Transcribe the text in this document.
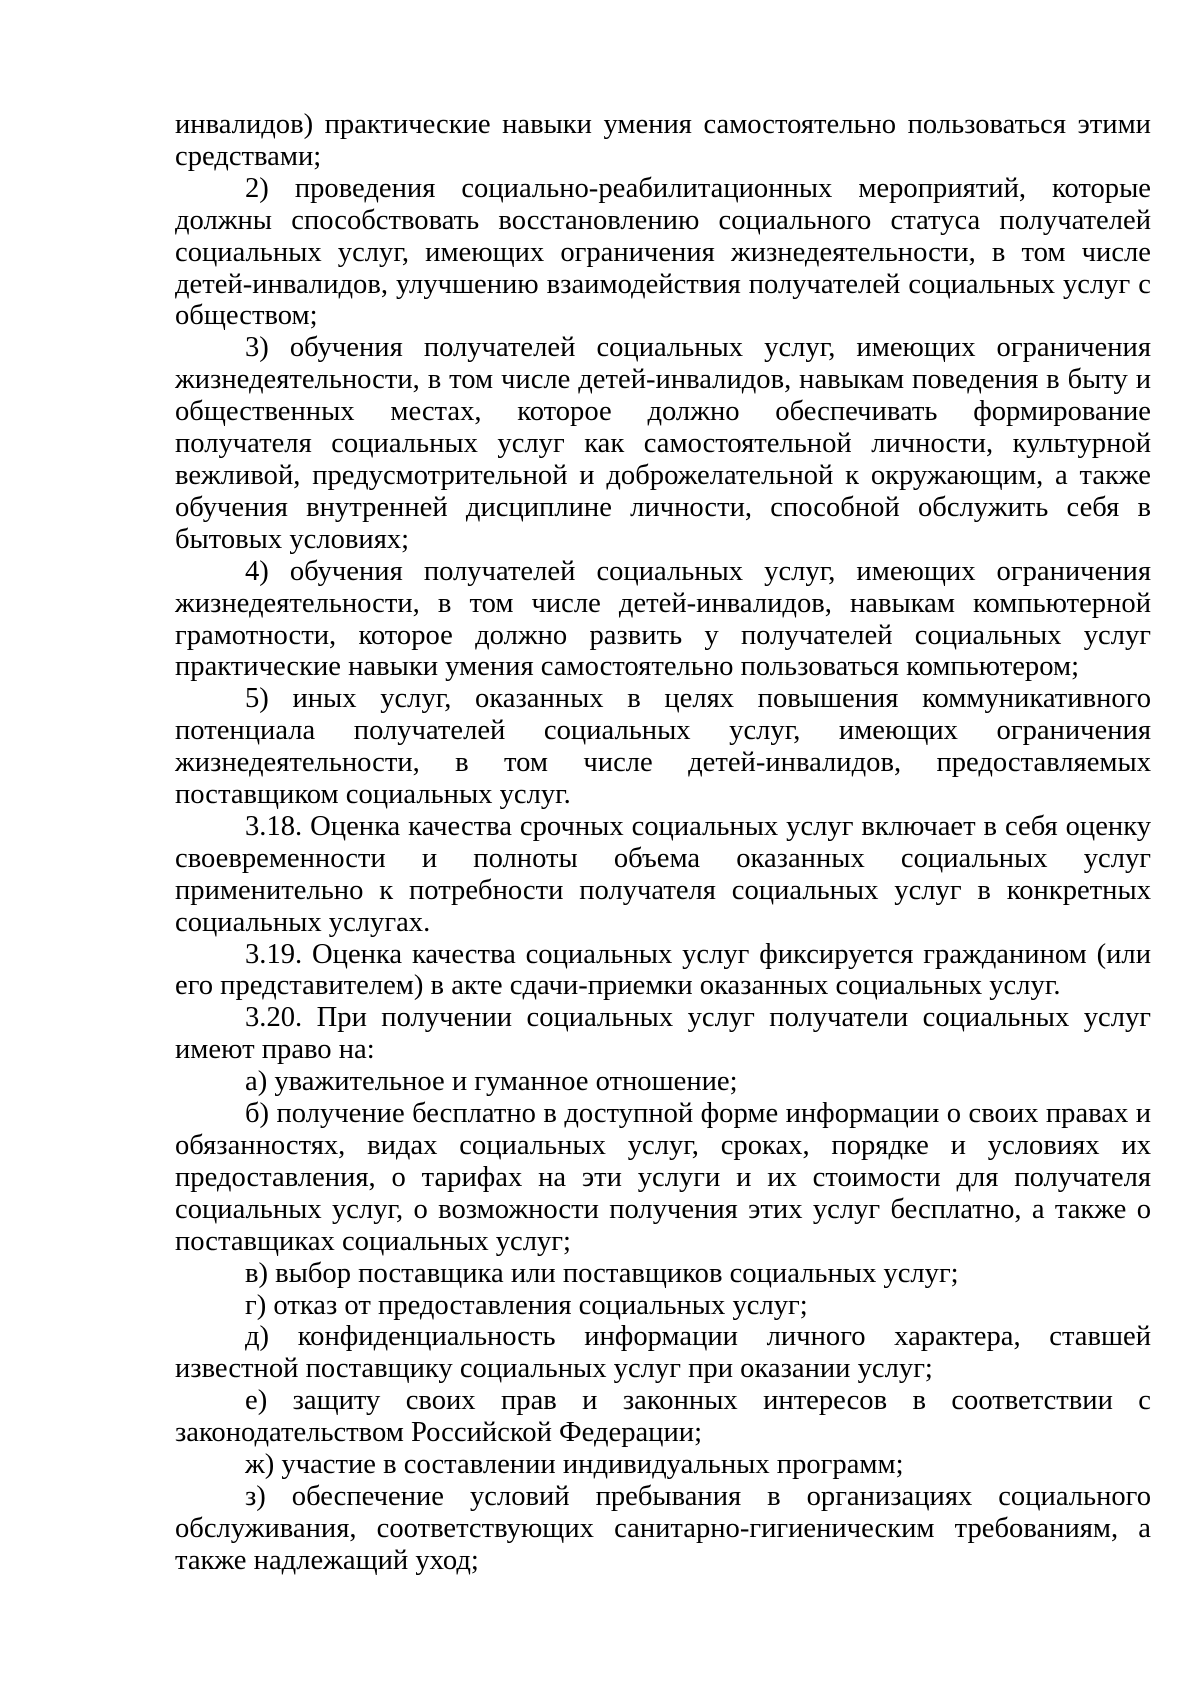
инвалидов) практические навыки умения самостоятельно пользоваться этими средствами;

2) проведения социально-реабилитационных мероприятий, которые должны способствовать восстановлению социального статуса получателей социальных услуг, имеющих ограничения жизнедеятельности, в том числе детей-инвалидов, улучшению взаимодействия получателей социальных услуг с обществом;

3) обучения получателей социальных услуг, имеющих ограничения жизнедеятельности, в том числе детей-инвалидов, навыкам поведения в быту и общественных местах, которое должно обеспечивать формирование получателя социальных услуг как самостоятельной личности, культурной вежливой, предусмотрительной и доброжелательной к окружающим, а также обучения внутренней дисциплине личности, способной обслужить себя в бытовых условиях;

4) обучения получателей социальных услуг, имеющих ограничения жизнедеятельности, в том числе детей-инвалидов, навыкам компьютерной грамотности, которое должно развить у получателей социальных услуг практические навыки умения самостоятельно пользоваться компьютером;

5) иных услуг, оказанных в целях повышения коммуникативного потенциала получателей социальных услуг, имеющих ограничения жизнедеятельности, в том числе детей-инвалидов, предоставляемых поставщиком социальных услуг.

3.18. Оценка качества срочных социальных услуг включает в себя оценку своевременности и полноты объема оказанных социальных услуг применительно к потребности получателя социальных услуг в конкретных социальных услугах.

3.19. Оценка качества социальных услуг фиксируется гражданином (или его представителем) в акте сдачи-приемки оказанных социальных услуг.

3.20. При получении социальных услуг получатели социальных услуг имеют право на:

а) уважительное и гуманное отношение;

б) получение бесплатно в доступной форме информации о своих правах и обязанностях, видах социальных услуг, сроках, порядке и условиях их предоставления, о тарифах на эти услуги и их стоимости для получателя социальных услуг, о возможности получения этих услуг бесплатно, а также о поставщиках социальных услуг;

в) выбор поставщика или поставщиков социальных услуг;

г) отказ от предоставления социальных услуг;

д) конфиденциальность информации личного характера, ставшей известной поставщику социальных услуг при оказании услуг;

е) защиту своих прав и законных интересов в соответствии с законодательством Российской Федерации;

ж) участие в составлении индивидуальных программ;

з) обеспечение условий пребывания в организациях социального обслуживания, соответствующих санитарно-гигиеническим требованиям, а также надлежащий уход;
